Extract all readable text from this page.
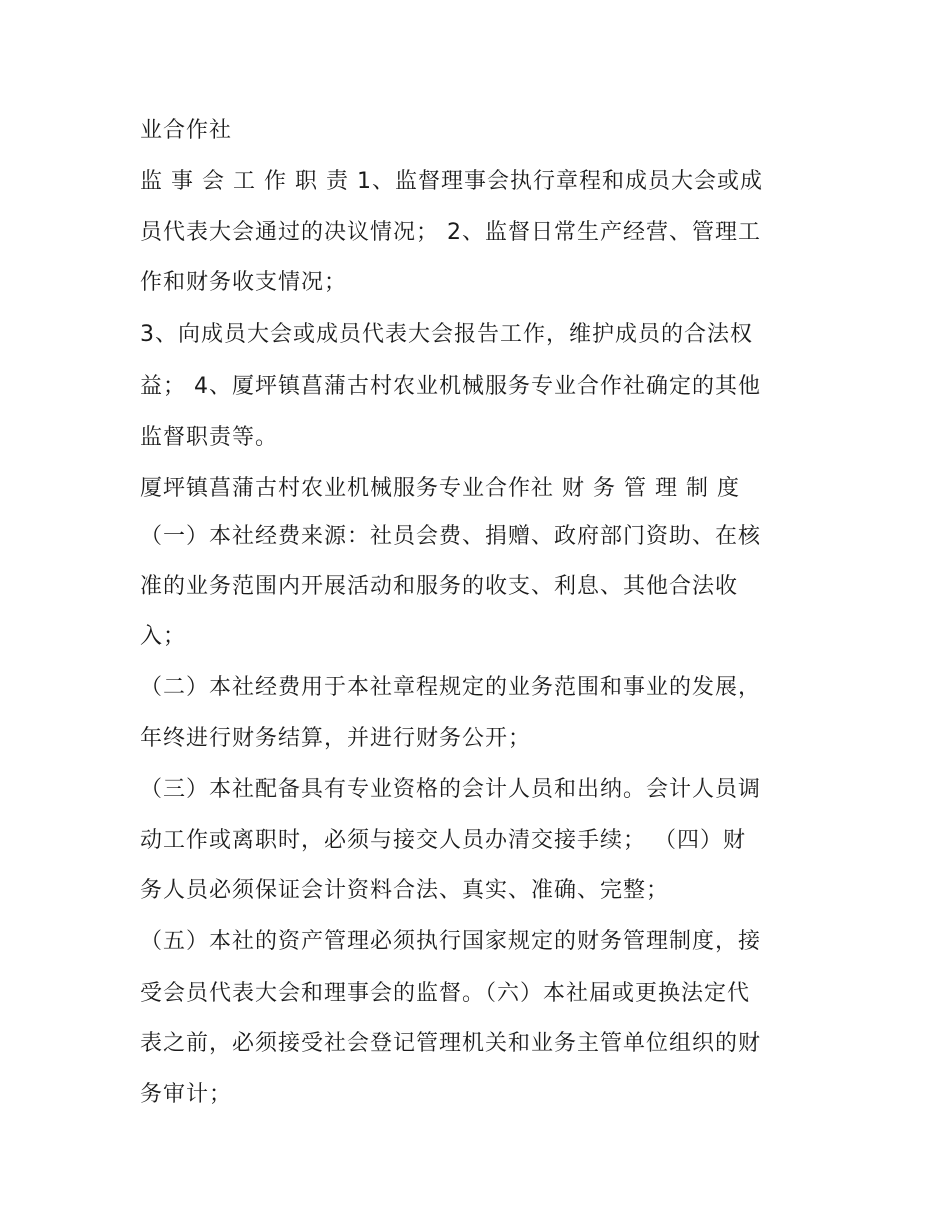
业合作社
监 事 会 工 作 职 责 1、监督理事会执行章程和成员大会或成
员代表大会通过的决议情况； 2、监督日常生产经营、管理工
作和财务收支情况；
3、向成员大会或成员代表大会报告工作，维护成员的合法权
益； 4、厦坪镇菖蒲古村农业机械服务专业合作社确定的其他
监督职责等。
厦坪镇菖蒲古村农业机械服务专业合作社 财 务 管 理 制 度
（一）本社经费来源：社员会费、捐赠、政府部门资助、在核
准的业务范围内开展活动和服务的收支、利息、其他合法收
入；
（二）本社经费用于本社章程规定的业务范围和事业的发展，
年终进行财务结算，并进行财务公开；
（三）本社配备具有专业资格的会计人员和出纳。会计人员调
动工作或离职时，必须与接交人员办清交接手续； （四）财
务人员必须保证会计资料合法、真实、准确、完整；
（五）本社的资产管理必须执行国家规定的财务管理制度，接
受会员代表大会和理事会的监督。（六）本社届或更换法定代
表之前，必须接受社会登记管理机关和业务主管单位组织的财
务审计；
